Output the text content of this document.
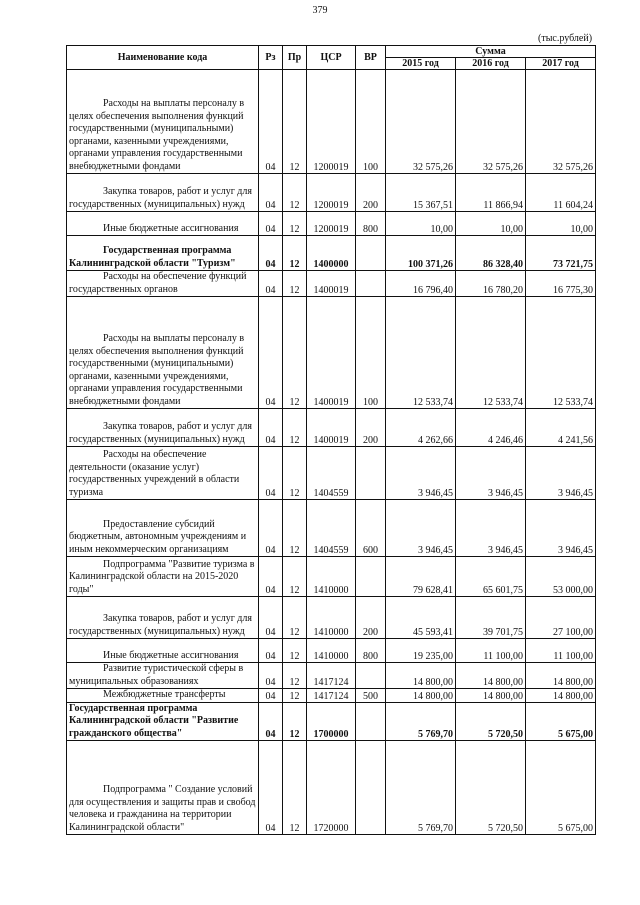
379
(тыс.рублей)
Наименование кода	Рз	Пр	ЦСР	ВР	Сумма		
					2015 год	2016 год	2017 год

Расходы на выплаты персоналу в целях обеспечения выполнения функций государственными (муниципальными) органами, казенными учреждениями, органами управления государственными внебюджетными фондами	04	12	1200019	100	32 575,26	32 575,26	32 575,26

Закупка товаров, работ и услуг для государственных (муниципальных) нужд	04	12	1200019	200	15 367,51	11 866,94	11 604,24

Иные бюджетные ассигнования	04	12	1200019	800	10,00	10,00	10,00

Государственная программа Калининградской области "Туризм"	04	12	1400000		100 371,26	86 328,40	73 721,75

Расходы на обеспечение функций государственных органов	04	12	1400019		16 796,40	16 780,20	16 775,30

Расходы на выплаты персоналу в целях обеспечения выполнения функций государственными (муниципальными) органами, казенными учреждениями, органами управления государственными внебюджетными фондами	04	12	1400019	100	12 533,74	12 533,74	12 533,74

Закупка товаров, работ и услуг для государственных (муниципальных) нужд	04	12	1400019	200	4 262,66	4 246,46	4 241,56

Расходы на обеспечение деятельности (оказание услуг) государственных учреждений в области туризма	04	12	1404559		3 946,45	3 946,45	3 946,45

Предоставление субсидий бюджетным, автономным учреждениям и иным некоммерческим организациям	04	12	1404559	600	3 946,45	3 946,45	3 946,45

Подпрограмма "Развитие туризма в Калининградской области на 2015-2020 годы"	04	12	1410000		79 628,41	65 601,75	53 000,00

Закупка товаров, работ и услуг для государственных (муниципальных) нужд	04	12	1410000	200	45 593,41	39 701,75	27 100,00

Иные бюджетные ассигнования	04	12	1410000	800	19 235,00	11 100,00	11 100,00

Развитие туристической сферы в муниципальных образованиях	04	12	1417124		14 800,00	14 800,00	14 800,00

Межбюджетные трансферты	04	12	1417124	500	14 800,00	14 800,00	14 800,00
Государственная программа Калининградской области "Развитие гражданского общества"	04	12	1700000		5 769,70	5 720,50	5 675,00

Подпрограмма " Создание условий для осуществления и защиты прав и свобод человека и гражданина на территории Калининградской области"	04	12	1720000		5 769,70	5 720,50	5 675,00
